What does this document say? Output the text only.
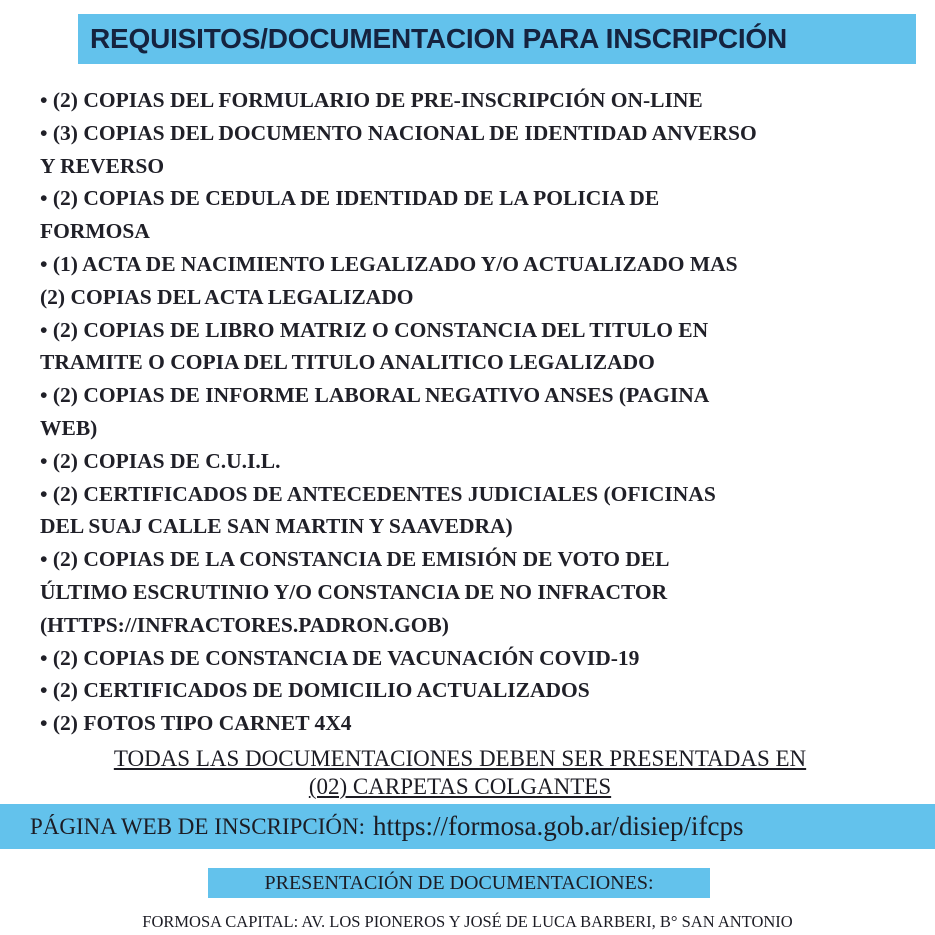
REQUISITOS/DOCUMENTACION PARA INSCRIPCIÓN
• (2) COPIAS DEL FORMULARIO DE PRE-INSCRIPCIÓN ON-LINE
• (3) COPIAS DEL DOCUMENTO NACIONAL DE IDENTIDAD ANVERSO
Y REVERSO
• (2) COPIAS DE CEDULA DE IDENTIDAD DE LA POLICIA DE
FORMOSA
• (1) ACTA DE NACIMIENTO LEGALIZADO Y/O ACTUALIZADO MAS
(2) COPIAS DEL ACTA LEGALIZADO
• (2) COPIAS DE LIBRO MATRIZ O CONSTANCIA DEL TITULO EN
TRAMITE O COPIA DEL TITULO ANALITICO LEGALIZADO
• (2) COPIAS DE INFORME LABORAL NEGATIVO ANSES (PAGINA
WEB)
• (2) COPIAS DE C.U.I.L.
• (2) CERTIFICADOS DE ANTECEDENTES JUDICIALES (OFICINAS
DEL SUAJ CALLE SAN MARTIN Y SAAVEDRA)
• (2) COPIAS DE LA CONSTANCIA DE EMISIÓN DE VOTO DEL
ÚLTIMO ESCRUTINIO Y/O CONSTANCIA DE NO INFRACTOR
(HTTPS://INFRACTORES.PADRON.GOB)
• (2) COPIAS DE CONSTANCIA DE VACUNACIÓN COVID-19
• (2) CERTIFICADOS DE DOMICILIO ACTUALIZADOS
• (2) FOTOS TIPO CARNET 4X4
TODAS LAS DOCUMENTACIONES DEBEN SER PRESENTADAS EN
(02) CARPETAS COLGANTES
PÁGINA WEB DE INSCRIPCIÓN: https://formosa.gob.ar/disiep/ifcps
PRESENTACIÓN DE DOCUMENTACIONES:
FORMOSA CAPITAL: AV. LOS PIONEROS Y JOSÉ DE LUCA BARBERI, B° SAN ANTONIO
